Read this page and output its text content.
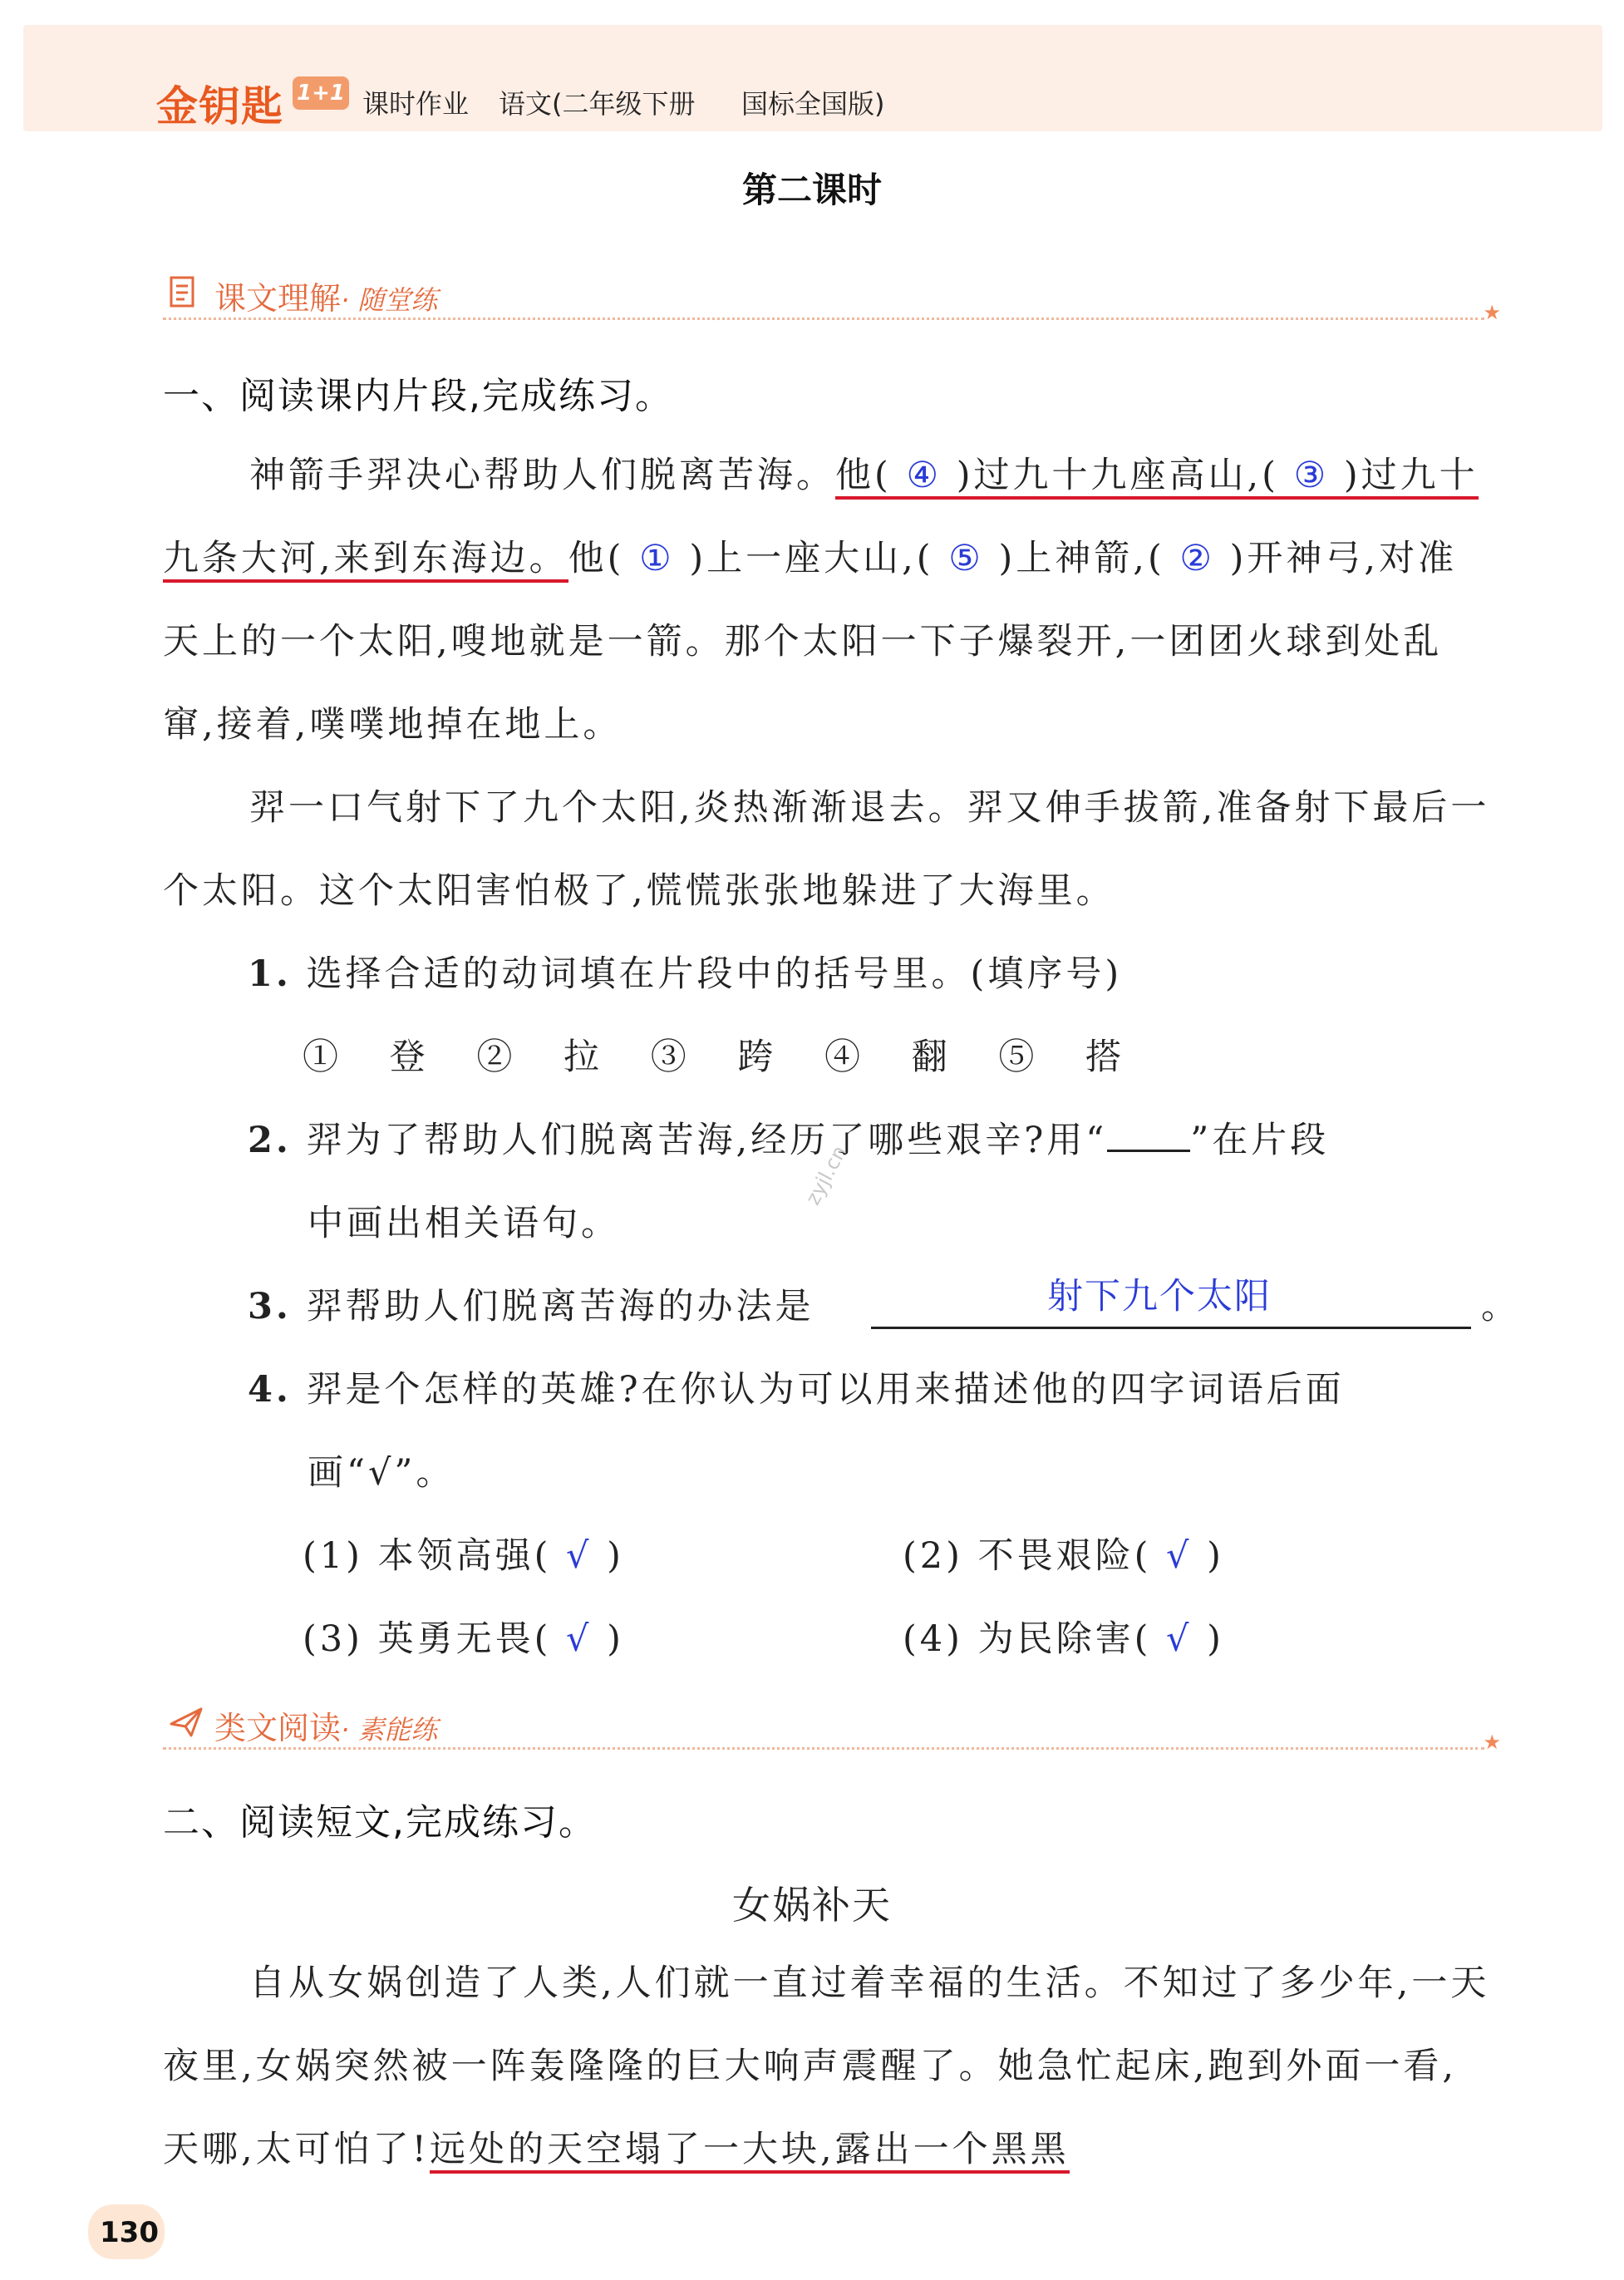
金钥匙 1+1 课时作业 语文(二年级下册 国标全国版)
第二课时
课文理解· 随堂练	★
一、阅读课内片段,完成练习。
神箭手羿决心帮助人们脱离苦海。他( ④ )过九十九座高山,( ③ )过九十九条大河,来到东海边。他( ① )上一座大山,( ⑤ )上神箭,( ② )开神弓,对准天上的一个太阳,嗖地就是一箭。那个太阳一下子爆裂开,一团团火球到处乱窜,接着,噗噗地掉在地上。
羿一口气射下了九个太阳,炎热渐渐退去。羿又伸手拔箭,准备射下最后一个太阳。这个太阳害怕极了,慌慌张张地躲进了大海里。
1. 选择合适的动词填在片段中的括号里。(填序号)
① 登 ② 拉 ③ 跨 ④ 翻 ⑤ 搭
2. 羿为了帮助人们脱离苦海,经历了哪些艰辛?用“ ”在片段
中画出相关语句。
3. 羿帮助人们脱离苦海的办法是	射下九个太阳	。
4. 羿是个怎样的英雄?在你认为可以用来描述他的四字词语后面
画“√”。
(1) 本领高强( √ )	(2) 不畏艰险( √ )
(3) 英勇无畏( √ )	(4) 为民除害( √ )
类文阅读· 素能练	★
二、阅读短文,完成练习。
女娲补天
自从女娲创造了人类,人们就一直过着幸福的生活。不知过了多少年,一天夜里,女娲突然被一阵轰隆隆的巨大响声震醒了。她急忙起床,跑到外面一看,天哪,太可怕了!远处的天空塌了一大块,露出一个黑黑
zyjl.cn
130
